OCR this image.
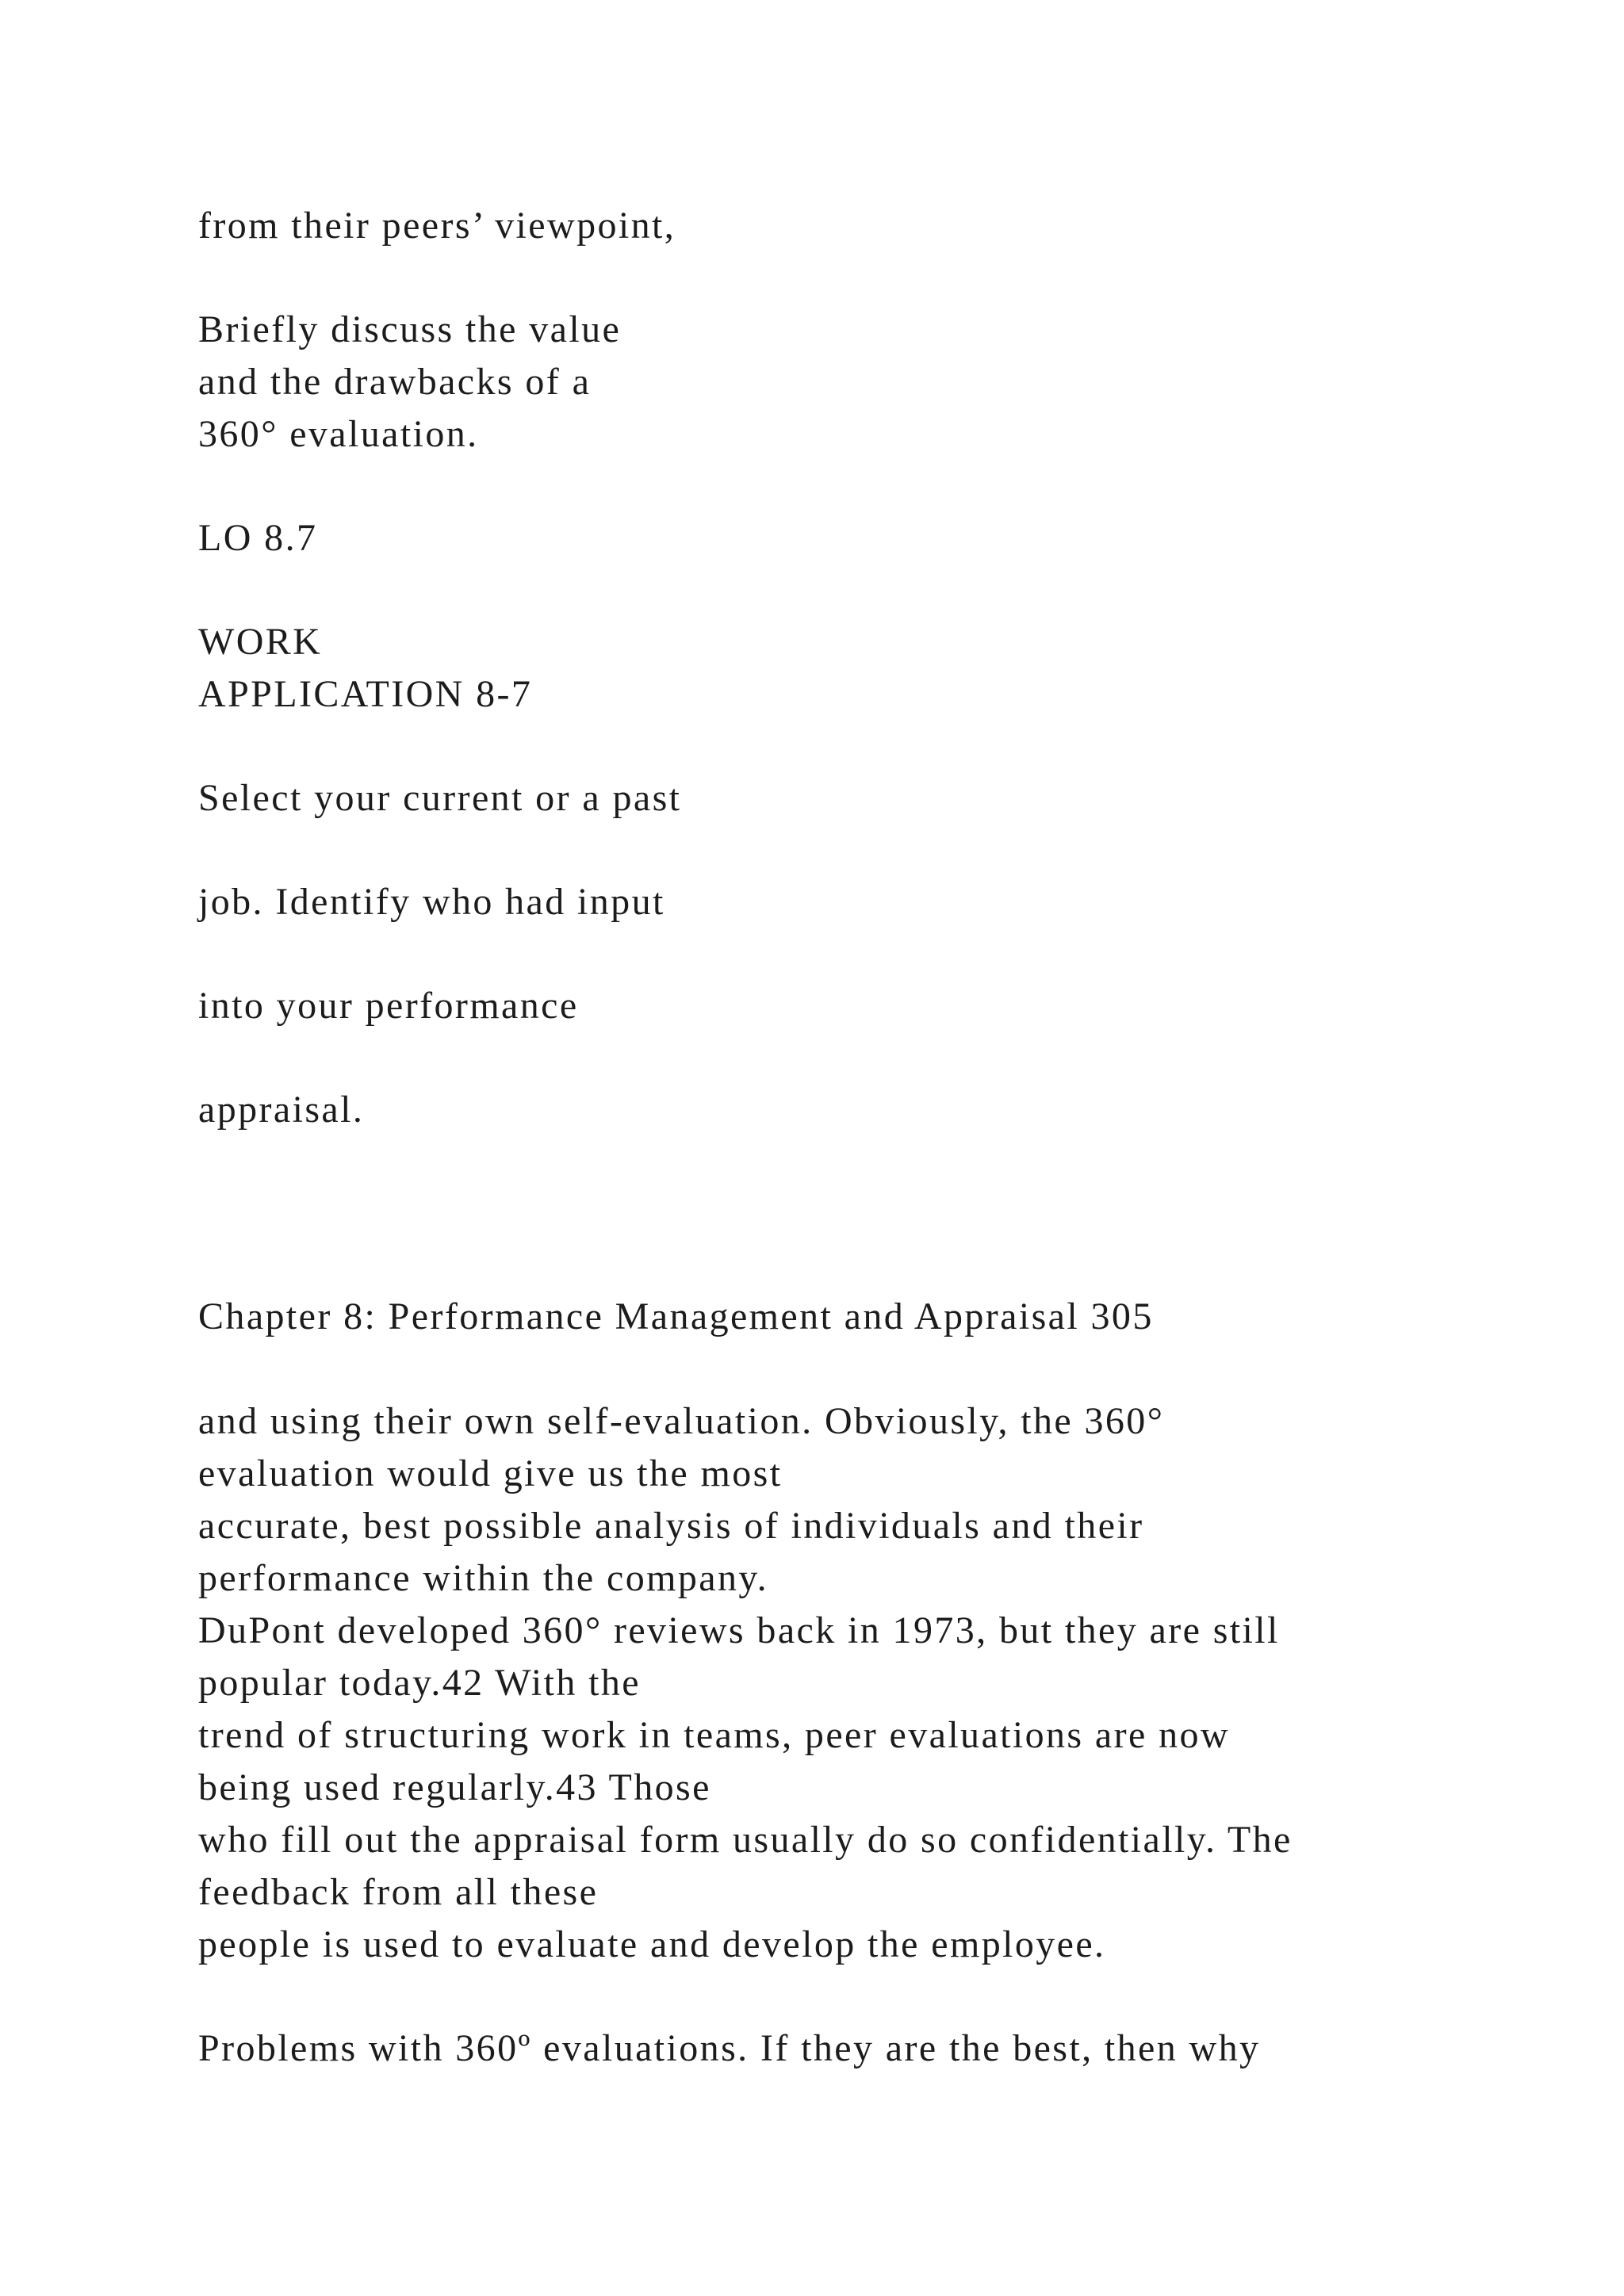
from their peers’ viewpoint,
Briefly discuss the value
and the drawbacks of a
360° evaluation.
LO 8.7
WORK
APPLICATION 8-7
Select your current or a past
job. Identify who had input
into your performance
appraisal.
Chapter 8: Performance Management and Appraisal 305
and using their own self-evaluation. Obviously, the 360°
evaluation would give us the most
accurate, best possible analysis of individuals and their
performance within the company.
DuPont developed 360° reviews back in 1973, but they are still
popular today.42 With the
trend of structuring work in teams, peer evaluations are now
being used regularly.43 Those
who fill out the appraisal form usually do so confidentially. The
feedback from all these
people is used to evaluate and develop the employee.
Problems with 360º evaluations. If they are the best, then why
